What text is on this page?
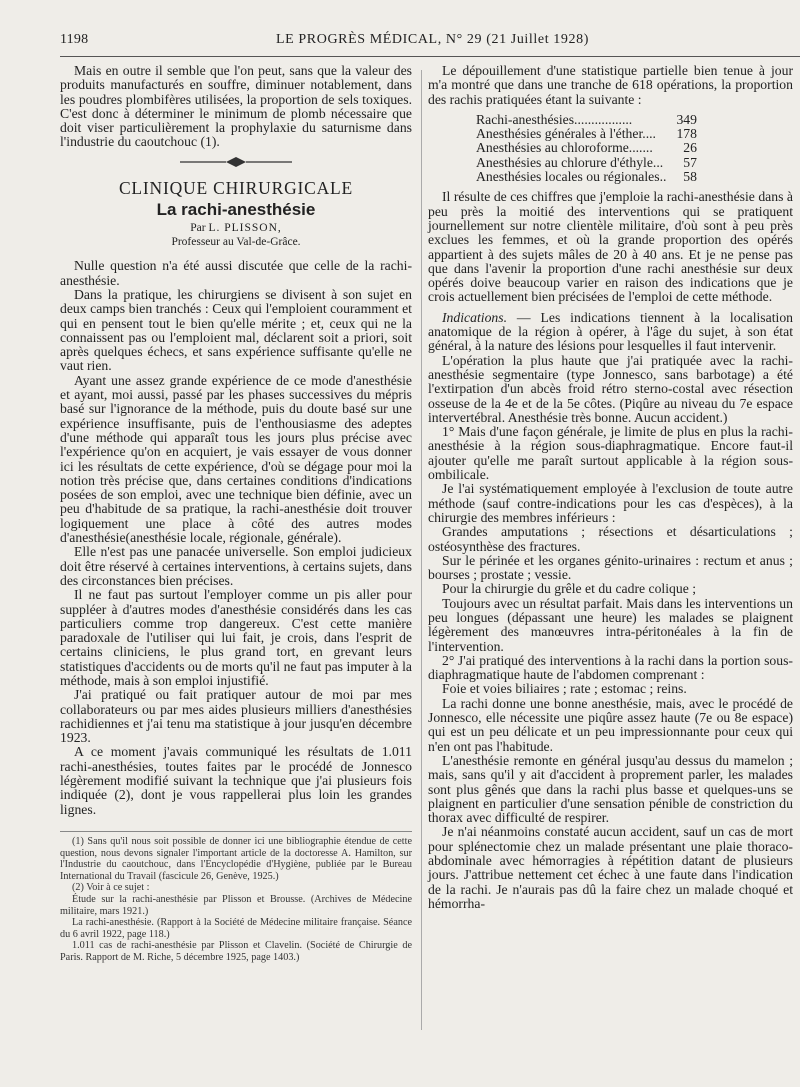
1198	LE PROGRÈS MÉDICAL, N° 29 (21 Juillet 1928)

Mais en outre il semble que l'on peut, sans que la valeur des produits manufacturés en souffre, diminuer notablement, dans les poudres plombifères utilisées, la proportion de sels toxiques. C'est donc à déterminer le minimum de plomb nécessaire que doit viser particulièrement la prophylaxie du saturnisme dans l'industrie du caoutchouc (1).

CLINIQUE CHIRURGICALE
La rachi-anesthésie
Par L. PLISSON,
Professeur au Val-de-Grâce.

Nulle question n'a été aussi discutée que celle de la rachi-anesthésie.

Dans la pratique, les chirurgiens se divisent à son sujet en deux camps bien tranchés : Ceux qui l'emploient couramment et qui en pensent tout le bien qu'elle mérite ; et, ceux qui ne la connaissent pas ou l'emploient mal, déclarent soit a priori, soit après quelques échecs, et sans expérience suffisante qu'elle ne vaut rien.

Ayant une assez grande expérience de ce mode d'anesthésie et ayant, moi aussi, passé par les phases successives du mépris basé sur l'ignorance de la méthode, puis du doute basé sur une expérience insuffisante, puis de l'enthousiasme des adeptes d'une méthode qui apparaît tous les jours plus précise avec l'expérience qu'on en acquiert, je vais essayer de vous donner ici les résultats de cette expérience, d'où se dégage pour moi la notion très précise que, dans certaines conditions d'indications posées de son emploi, avec une technique bien définie, avec un peu d'habitude de sa pratique, la rachi-anesthésie doit trouver logiquement une place à côté des autres modes d'anesthésie(anesthésie locale, régionale, générale).

Elle n'est pas une panacée universelle. Son emploi judicieux doit être réservé à certaines interventions, à certains sujets, dans des circonstances bien précises.

Il ne faut pas surtout l'employer comme un pis aller pour suppléer à d'autres modes d'anesthésie considérés dans les cas particuliers comme trop dangereux. C'est cette manière paradoxale de l'utiliser qui lui fait, je crois, dans l'esprit de certains cliniciens, le plus grand tort, en grevant leurs statistiques d'accidents ou de morts qu'il ne faut pas imputer à la méthode, mais à son emploi injustifié.

J'ai pratiqué ou fait pratiquer autour de moi par mes collaborateurs ou par mes aides plusieurs milliers d'anesthésies rachidiennes et j'ai tenu ma statistique à jour jusqu'en décembre 1923.

A ce moment j'avais communiqué les résultats de 1.011 rachi-anesthésies, toutes faites par le procédé de Jonnesco légèrement modifié suivant la technique que j'ai plusieurs fois indiquée (2), dont je vous rappellerai plus loin les grandes lignes.

(1) Sans qu'il nous soit possible de donner ici une bibliographie étendue de cette question, nous devons signaler l'important article de la doctoresse A. Hamilton, sur l'Industrie du caoutchouc, dans l'Encyclopédie d'Hygiène, publiée par le Bureau International du Travail (fascicule 26, Genève, 1925.)

(2) Voir à ce sujet :

Étude sur la rachi-anesthésie par Plisson et Brousse. (Archives de Médecine militaire, mars 1921.)

La rachi-anesthésie. (Rapport à la Société de Médecine militaire française. Séance du 6 avril 1922, page 118.)

1.011 cas de rachi-anesthésie par Plisson et Clavelin. (Société de Chirurgie de Paris. Rapport de M. Riche, 5 décembre 1925, page 1403.)

Le dépouillement d'une statistique partielle bien tenue à jour m'a montré que dans une tranche de 618 opérations, la proportion des rachis pratiquées étant la suivante :

Rachi-anesthésies.................	349
Anesthésies générales à l'éther....	178
Anesthésies au chloroforme.......	26
Anesthésies au chlorure d'éthyle...	57
Anesthésies locales ou régionales..	58

Il résulte de ces chiffres que j'emploie la rachi-anesthésie dans à peu près la moitié des interventions qui se pratiquent journellement sur notre clientèle militaire, d'où sont à peu près exclues les femmes, et où la grande proportion des opérés appartient à des sujets mâles de 20 à 40 ans. Et je ne pense pas que dans l'avenir la proportion d'une rachi anesthésie sur deux opérés doive beaucoup varier en raison des indications que je crois actuellement bien précisées de l'emploi de cette méthode.

Indications. — Les indications tiennent à la localisation anatomique de la région à opérer, à l'âge du sujet, à son état général, à la nature des lésions pour lesquelles il faut intervenir.

L'opération la plus haute que j'ai pratiquée avec la rachi-anesthésie segmentaire (type Jonnesco, sans barbotage) a été l'extirpation d'un abcès froid rétro sterno-costal avec résection osseuse de la 4e et de la 5e côtes. (Piqûre au niveau du 7e espace intervertébral. Anesthésie très bonne. Aucun accident.)

1° Mais d'une façon générale, je limite de plus en plus la rachi-anesthésie à la région sous-diaphragmatique. Encore faut-il ajouter qu'elle me paraît surtout applicable à la région sous-ombilicale.

Je l'ai systématiquement employée à l'exclusion de toute autre méthode (sauf contre-indications pour les cas d'espèces), à la chirurgie des membres inférieurs :

Grandes amputations ; résections et désarticulations ; ostéosynthèse des fractures.

Sur le périnée et les organes génito-urinaires : rectum et anus ; bourses ; prostate ; vessie.

Pour la chirurgie du grêle et du cadre colique ;

Toujours avec un résultat parfait. Mais dans les interventions un peu longues (dépassant une heure) les malades se plaignent légèrement des manœuvres intra-péritonéales à la fin de l'intervention.

2° J'ai pratiqué des interventions à la rachi dans la portion sous-diaphragmatique haute de l'abdomen comprenant :

Foie et voies biliaires ; rate ; estomac ; reins.

La rachi donne une bonne anesthésie, mais, avec le procédé de Jonnesco, elle nécessite une piqûre assez haute (7e ou 8e espace) qui est un peu délicate et un peu impressionnante pour ceux qui n'en ont pas l'habitude.

L'anesthésie remonte en général jusqu'au dessus du mamelon ; mais, sans qu'il y ait d'accident à proprement parler, les malades sont plus gênés que dans la rachi plus basse et quelques-uns se plaignent en particulier d'une sensation pénible de constriction du thorax avec difficulté de respirer.

Je n'ai néanmoins constaté aucun accident, sauf un cas de mort pour splénectomie chez un malade présentant une plaie thoraco-abdominale avec hémorragies à répétition datant de plusieurs jours. J'attribue nettement cet échec à une faute dans l'indication de la rachi. Je n'aurais pas dû la faire chez un malade choqué et hémorrha-
